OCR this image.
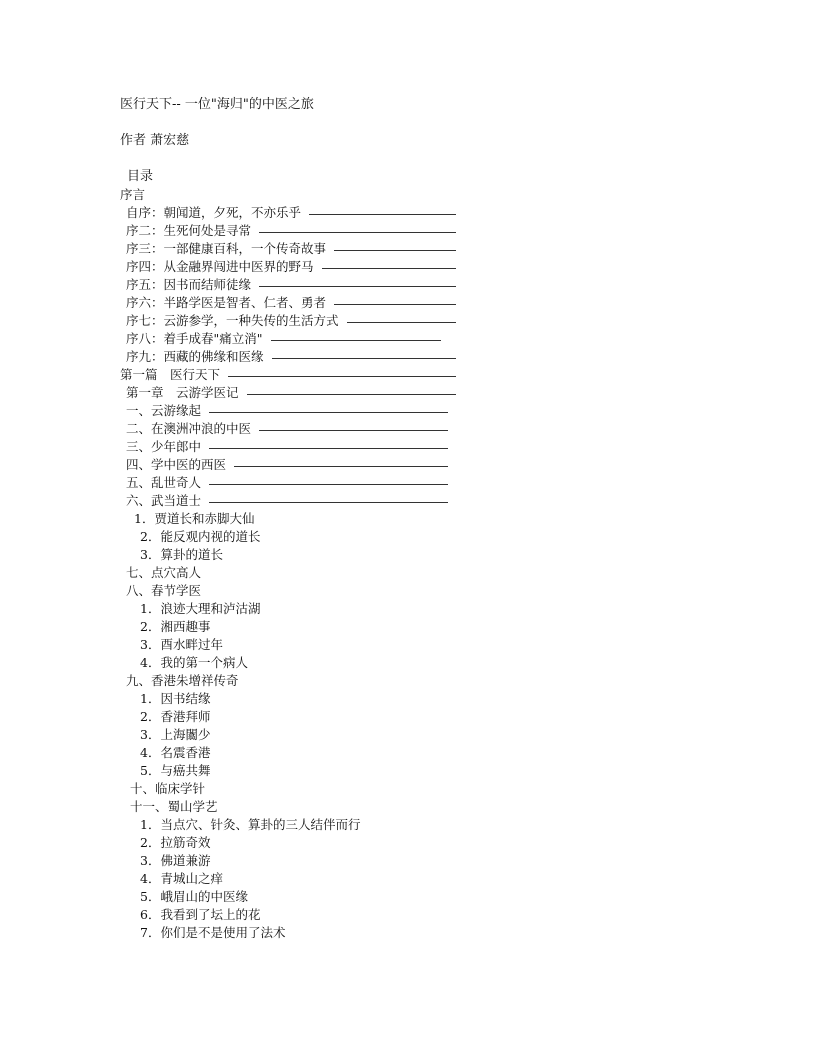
医行天下-- 一位"海归"的中医之旅
作者 萧宏慈
目录
序言
自序：朝闻道，夕死，不亦乐乎
序二：生死何处是寻常
序三：一部健康百科，一个传奇故事
序四：从金融界闯进中医界的野马
序五：因书而结师徒缘
序六：半路学医是智者、仁者、勇者
序七：云游参学，一种失传的生活方式
序八：着手成春"痛立消"
序九：西藏的佛缘和医缘
第一篇　医行天下
第一章　云游学医记
一、云游缘起
二、在澳洲冲浪的中医
三、少年郎中
四、学中医的西医
五、乱世奇人
六、武当道士
1．贾道长和赤脚大仙
2．能反观内视的道长
3．算卦的道长
七、点穴高人
八、春节学医
1．浪迹大理和泸沽湖
2．湘西趣事
3．酉水畔过年
4．我的第一个病人
九、香港朱增祥传奇
1．因书结缘
2．香港拜师
3．上海闟少
4．名震香港
5．与癌共舞
十、临床学针
十一、蜀山学艺
1．当点穴、针灸、算卦的三人结伴而行
2．拉筋奇效
3．佛道兼游
4．青城山之痒
5．峨眉山的中医缘
6．我看到了坛上的花
7．你们是不是使用了法术
